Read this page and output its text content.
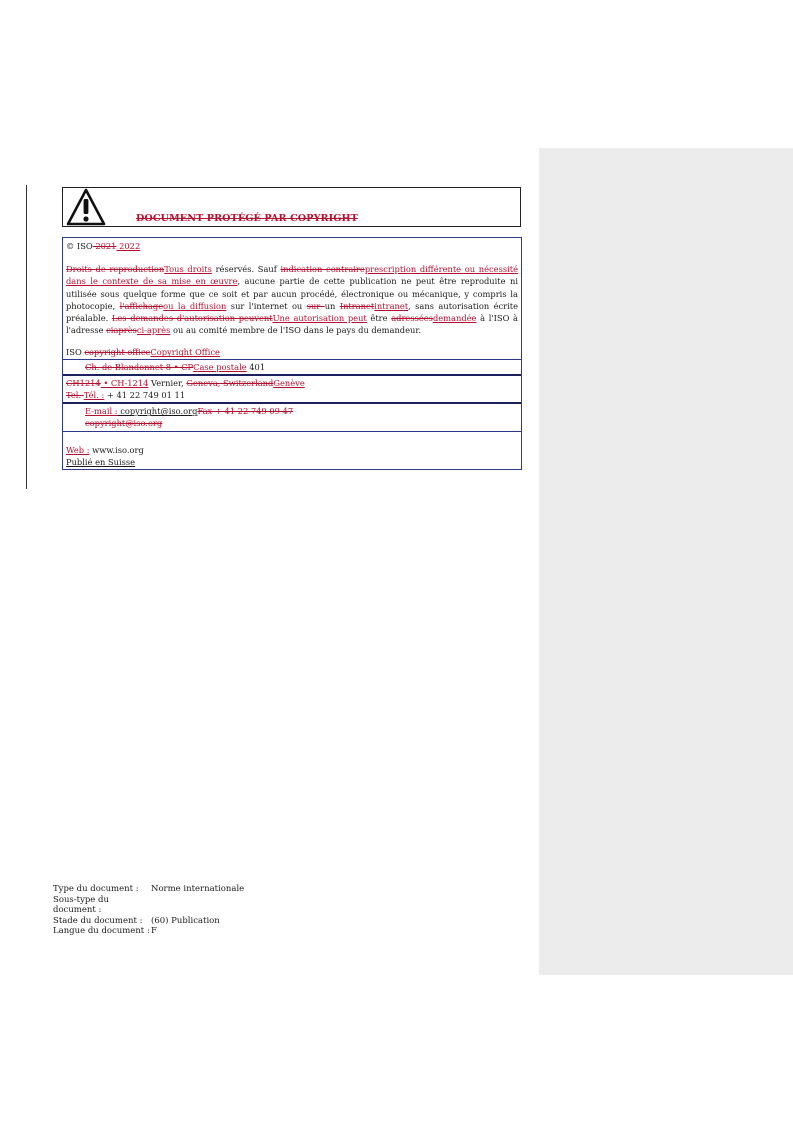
DOCUMENT PROTÉGÉ PAR COPYRIGHT
© ISO 2021 2022
Droits de reproductionTous droits réservés. Sauf indication contraireprescription différente ou nécessité dans le contexte de sa mise en œuvre, aucune partie de cette publication ne peut être reproduite ni utilisée sous quelque forme que ce soit et par aucun procédé, électronique ou mécanique, y compris la photocopie, l'affichageou la diffusion sur l'internet ou sur un Intranetintranet, sans autorisation écrite préalable. Les demandes d'autorisation peuventUne autorisation peut être adresséesdemandée à l'ISO à l'adresse ciaprèsci-après ou au comité membre de l'ISO dans le pays du demandeur.
ISO copyright officeCopyright Office
Ch. de Blandonnet 8 • CPCase postale 401
CH1214 • CH-1214 Vernier, Geneva, SwitzerlandGenève
Tel. Tél. : + 41 22 749 01 11
E-mail : copyright@iso.orgFax + 41 22 749 09 47
copyright@iso.org
Web : www.iso.org
Publié en Suisse
Type du document : Norme internationale
Sous-type du document :
Stade du document : (60) Publication
Langue du document :F
